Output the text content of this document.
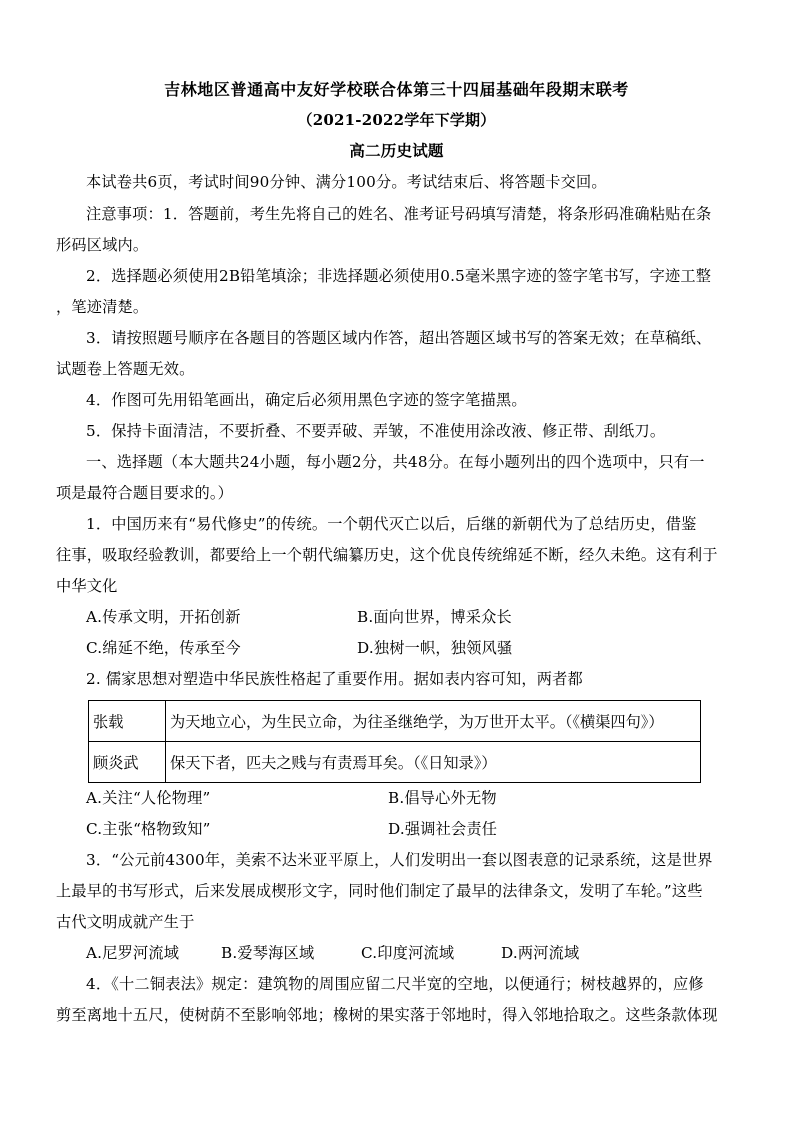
吉林地区普通高中友好学校联合体第三十四届基础年段期末联考
（2021-2022学年下学期）
高二历史试题
本试卷共6页，考试时间90分钟、满分100分。考试结束后、将答题卡交回。
注意事项：1．答题前，考生先将自己的姓名、准考证号码填写清楚，将条形码准确粘贴在条
形码区域内。
2．选择题必须使用2B铅笔填涂；非选择题必须使用0.5毫米黑字迹的签字笔书写，字迹工整
，笔迹清楚。
3．请按照题号顺序在各题目的答题区域内作答，超出答题区域书写的答案无效；在草稿纸、
试题卷上答题无效。
4．作图可先用铅笔画出，确定后必须用黑色字迹的签字笔描黑。
5．保持卡面清洁，不要折叠、不要弄破、弄皱，不准使用涂改液、修正带、刮纸刀。
一、选择题（本大题共24小题，每小题2分，共48分。在每小题列出的四个选项中，只有一
项是最符合题目要求的。）
1．中国历来有“易代修史”的传统。一个朝代灭亡以后，后继的新朝代为了总结历史，借鉴
往事，吸取经验教训，都要给上一个朝代编纂历史，这个优良传统绵延不断，经久未绝。这有利于
中华文化
A.传承文明，开拓创新	B.面向世界，博采众长
C.绵延不绝，传承至今	D.独树一帜，独领风骚
2. 儒家思想对塑造中华民族性格起了重要作用。据如表内容可知，两者都
张载	为天地立心，为生民立命，为往圣继绝学，为万世开太平。（《横渠四句》）
顾炎武	保天下者，匹夫之贱与有责焉耳矣。（《日知录》）
A.关注“人伦物理”	B.倡导心外无物
C.主张“格物致知”	D.强调社会责任
3．“公元前4300年，美索不达米亚平原上，人们发明出一套以图表意的记录系统，这是世界
上最早的书写形式，后来发展成楔形文字，同时他们制定了最早的法律条文，发明了车轮。”这些
古代文明成就产生于
A.尼罗河流域	B.爱琴海区域	C.印度河流域	D.两河流域
4．《十二铜表法》规定：建筑物的周围应留二尺半宽的空地，以便通行；树枝越界的，应修
剪至离地十五尺，使树荫不至影响邻地；橡树的果实落于邻地时，得入邻地拾取之。这些条款体现
